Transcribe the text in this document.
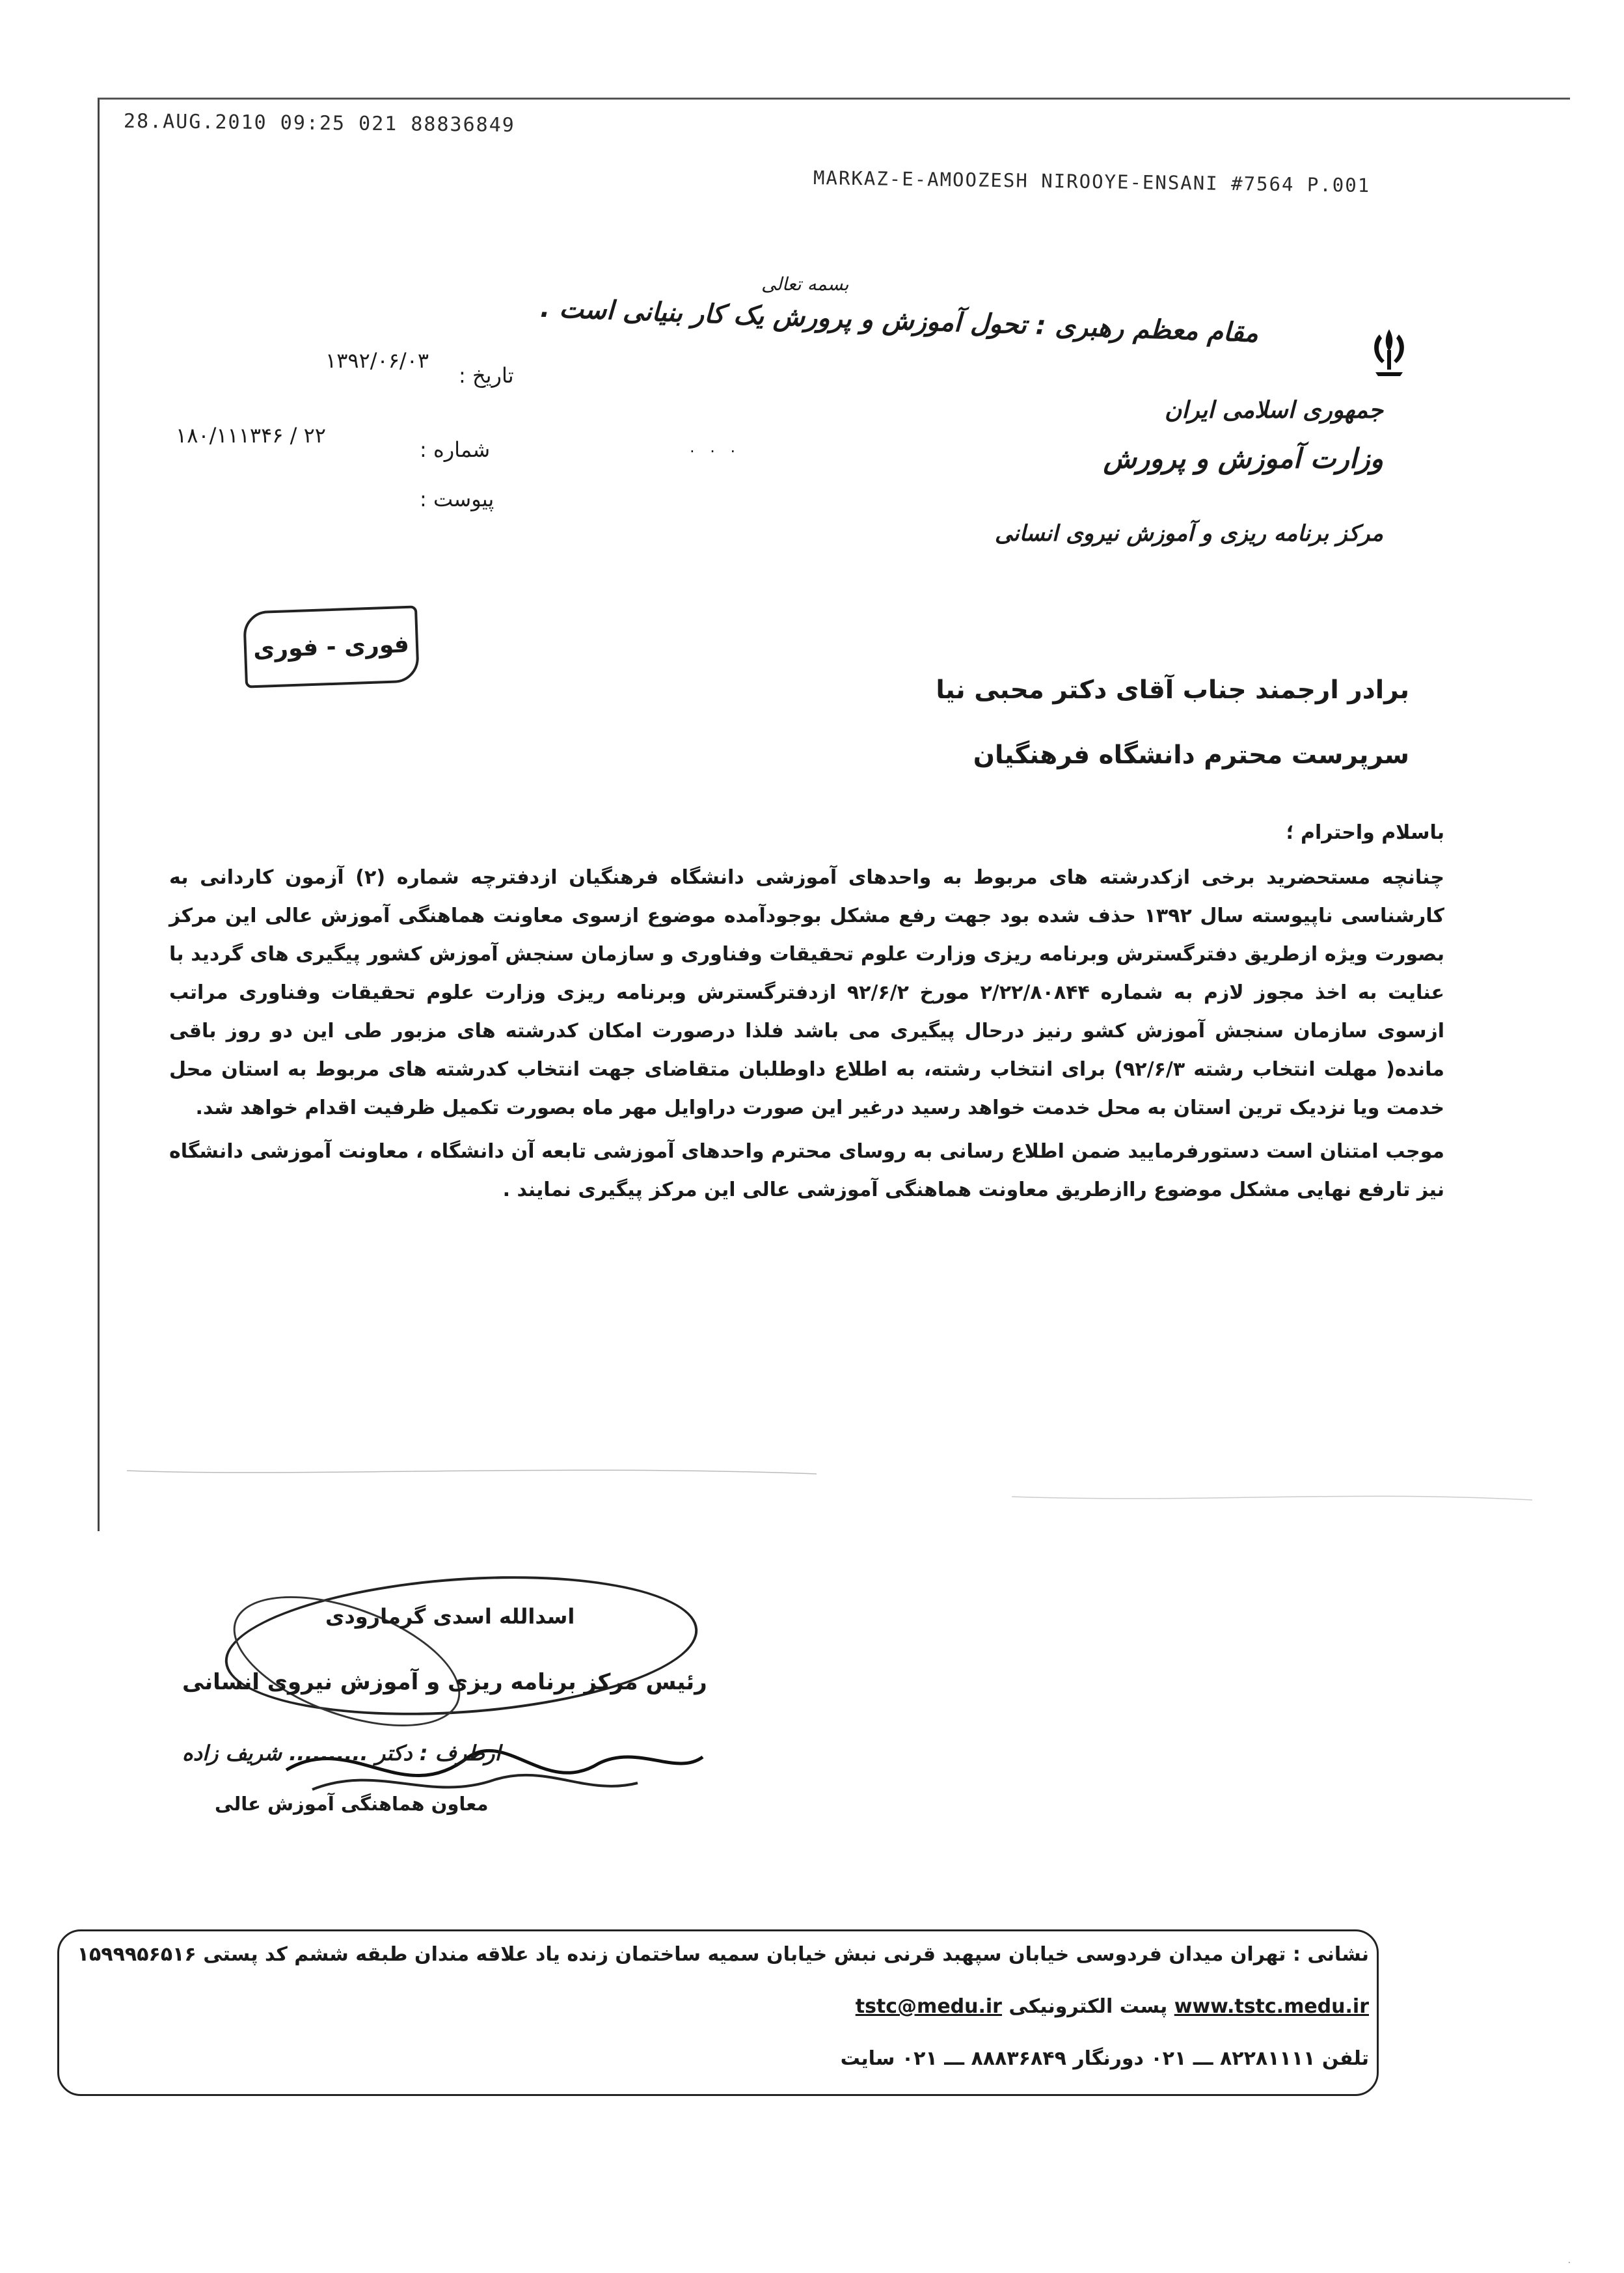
28.AUG.2010 09:25 021 88836849
MARKAZ-E-AMOOZESH NIROOYE-ENSANI #7564 P.001
بسمه تعالی
مقام معظم رهبری : تحول آموزش و پرورش یک کار بنیانی است .
جمهوری اسلامی ایران
وزارت آموزش و پرورش
مرکز برنامه ریزی و آموزش نیروی انسانی
۱۳۹۲/۰۶/۰۳
تاریخ :
۱۸۰/۱۱۱۳۴۶ / ۲۲
شماره :
پیوست :
· · ·
فوری - فوری
برادر ارجمند جناب آقای دکتر محبی نیا
سرپرست محترم دانشگاه فرهنگیان

باسلام واحترام ؛

چنانچه مستحضرید برخی ازکدرشته های مربوط به واحدهای آموزشی دانشگاه فرهنگیان ازدفترچه شماره (۲) آزمون کاردانی به کارشناسی ناپیوسته سال ۱۳۹۲ حذف شده بود جهت رفع مشکل بوجودآمده موضوع ازسوی معاونت هماهنگی آموزش عالی این مرکز بصورت ویژه ازطریق دفترگسترش وبرنامه ریزی وزارت علوم تحقیقات وفناوری و سازمان سنجش آموزش کشور پیگیری های گردید با عنایت به اخذ مجوز لازم به شماره ۲/۲۲/۸۰۸۴۴ مورخ ۹۲/۶/۲ ازدفترگسترش وبرنامه ریزی وزارت علوم تحقیقات وفناوری مراتب ازسوی سازمان سنجش آموزش کشو رنیز درحال پیگیری می باشد فلذا درصورت امکان کدرشته های مزبور طی این دو روز باقی مانده( مهلت انتخاب رشته ۹۲/۶/۳) برای انتخاب رشته، به اطلاع داوطلبان متقاضای جهت انتخاب کدرشته های مربوط به استان محل خدمت ویا نزدیک ترین استان به محل خدمت خواهد رسید درغیر این صورت دراوایل مهر ماه بصورت تکمیل ظرفیت اقدام خواهد شد.

موجب امتنان است دستورفرمایید ضمن اطلاع رسانی به روسای محترم واحدهای آموزشی تابعه آن دانشگاه ، معاونت آموزشی دانشگاه نیز تارفع نهایی مشکل موضوع راازطریق معاونت هماهنگی آموزشی عالی این مرکز پیگیری نمایند .

اسدالله اسدی گرمارودی
رئیس مرکز برنامه ریزی و آموزش نیروی انسانی
ازطرف : دکتر .......... شریف زاده
معاون هماهنگی آموزش عالی
نشانی : تهران میدان فردوسی خیابان سپهبد قرنی نبش خیابان سمیه ساختمان زنده یاد علاقه مندان طبقه ششم کد پستی ۱۵۹۹۹۵۶۵۱۶
tstc@medu.ir پست الکترونیکی www.tstc.medu.ir
تلفن ۸۲۲۸۱۱۱۱ ـــ ۰۲۱ دورنگار ۸۸۸۳۶۸۴۹ ـــ ۰۲۱ سایت
·
